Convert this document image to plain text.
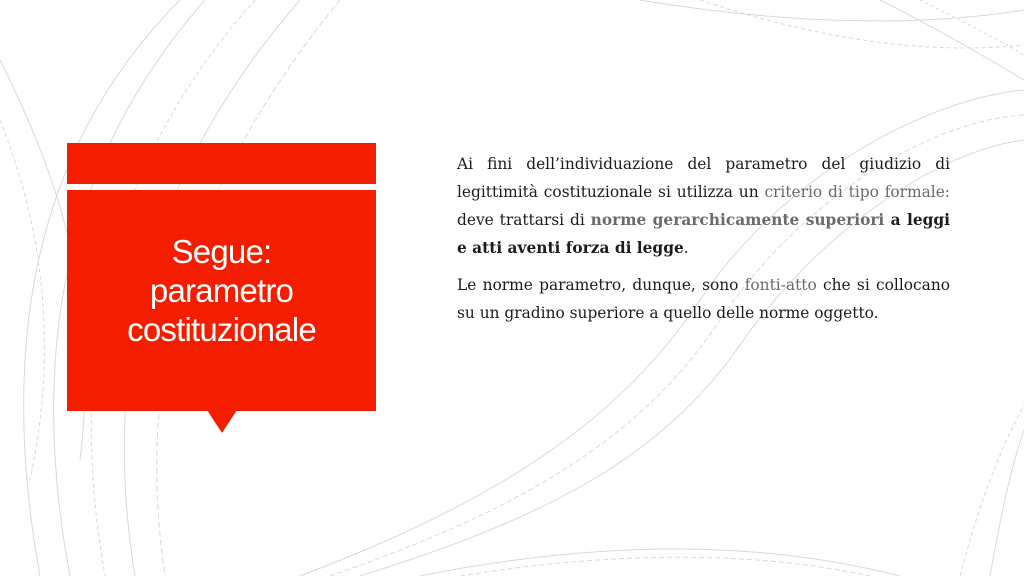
Segue:
parametro
costituzionale

Ai fini dell’individuazione del parametro del giudizio di legittimità costituzionale si utilizza un criterio di tipo formale: deve trattarsi di norme gerarchicamente superiori a leggi e atti aventi forza di legge.

Le norme parametro, dunque, sono fonti-atto che si collocano su un gradino superiore a quello delle norme oggetto.
